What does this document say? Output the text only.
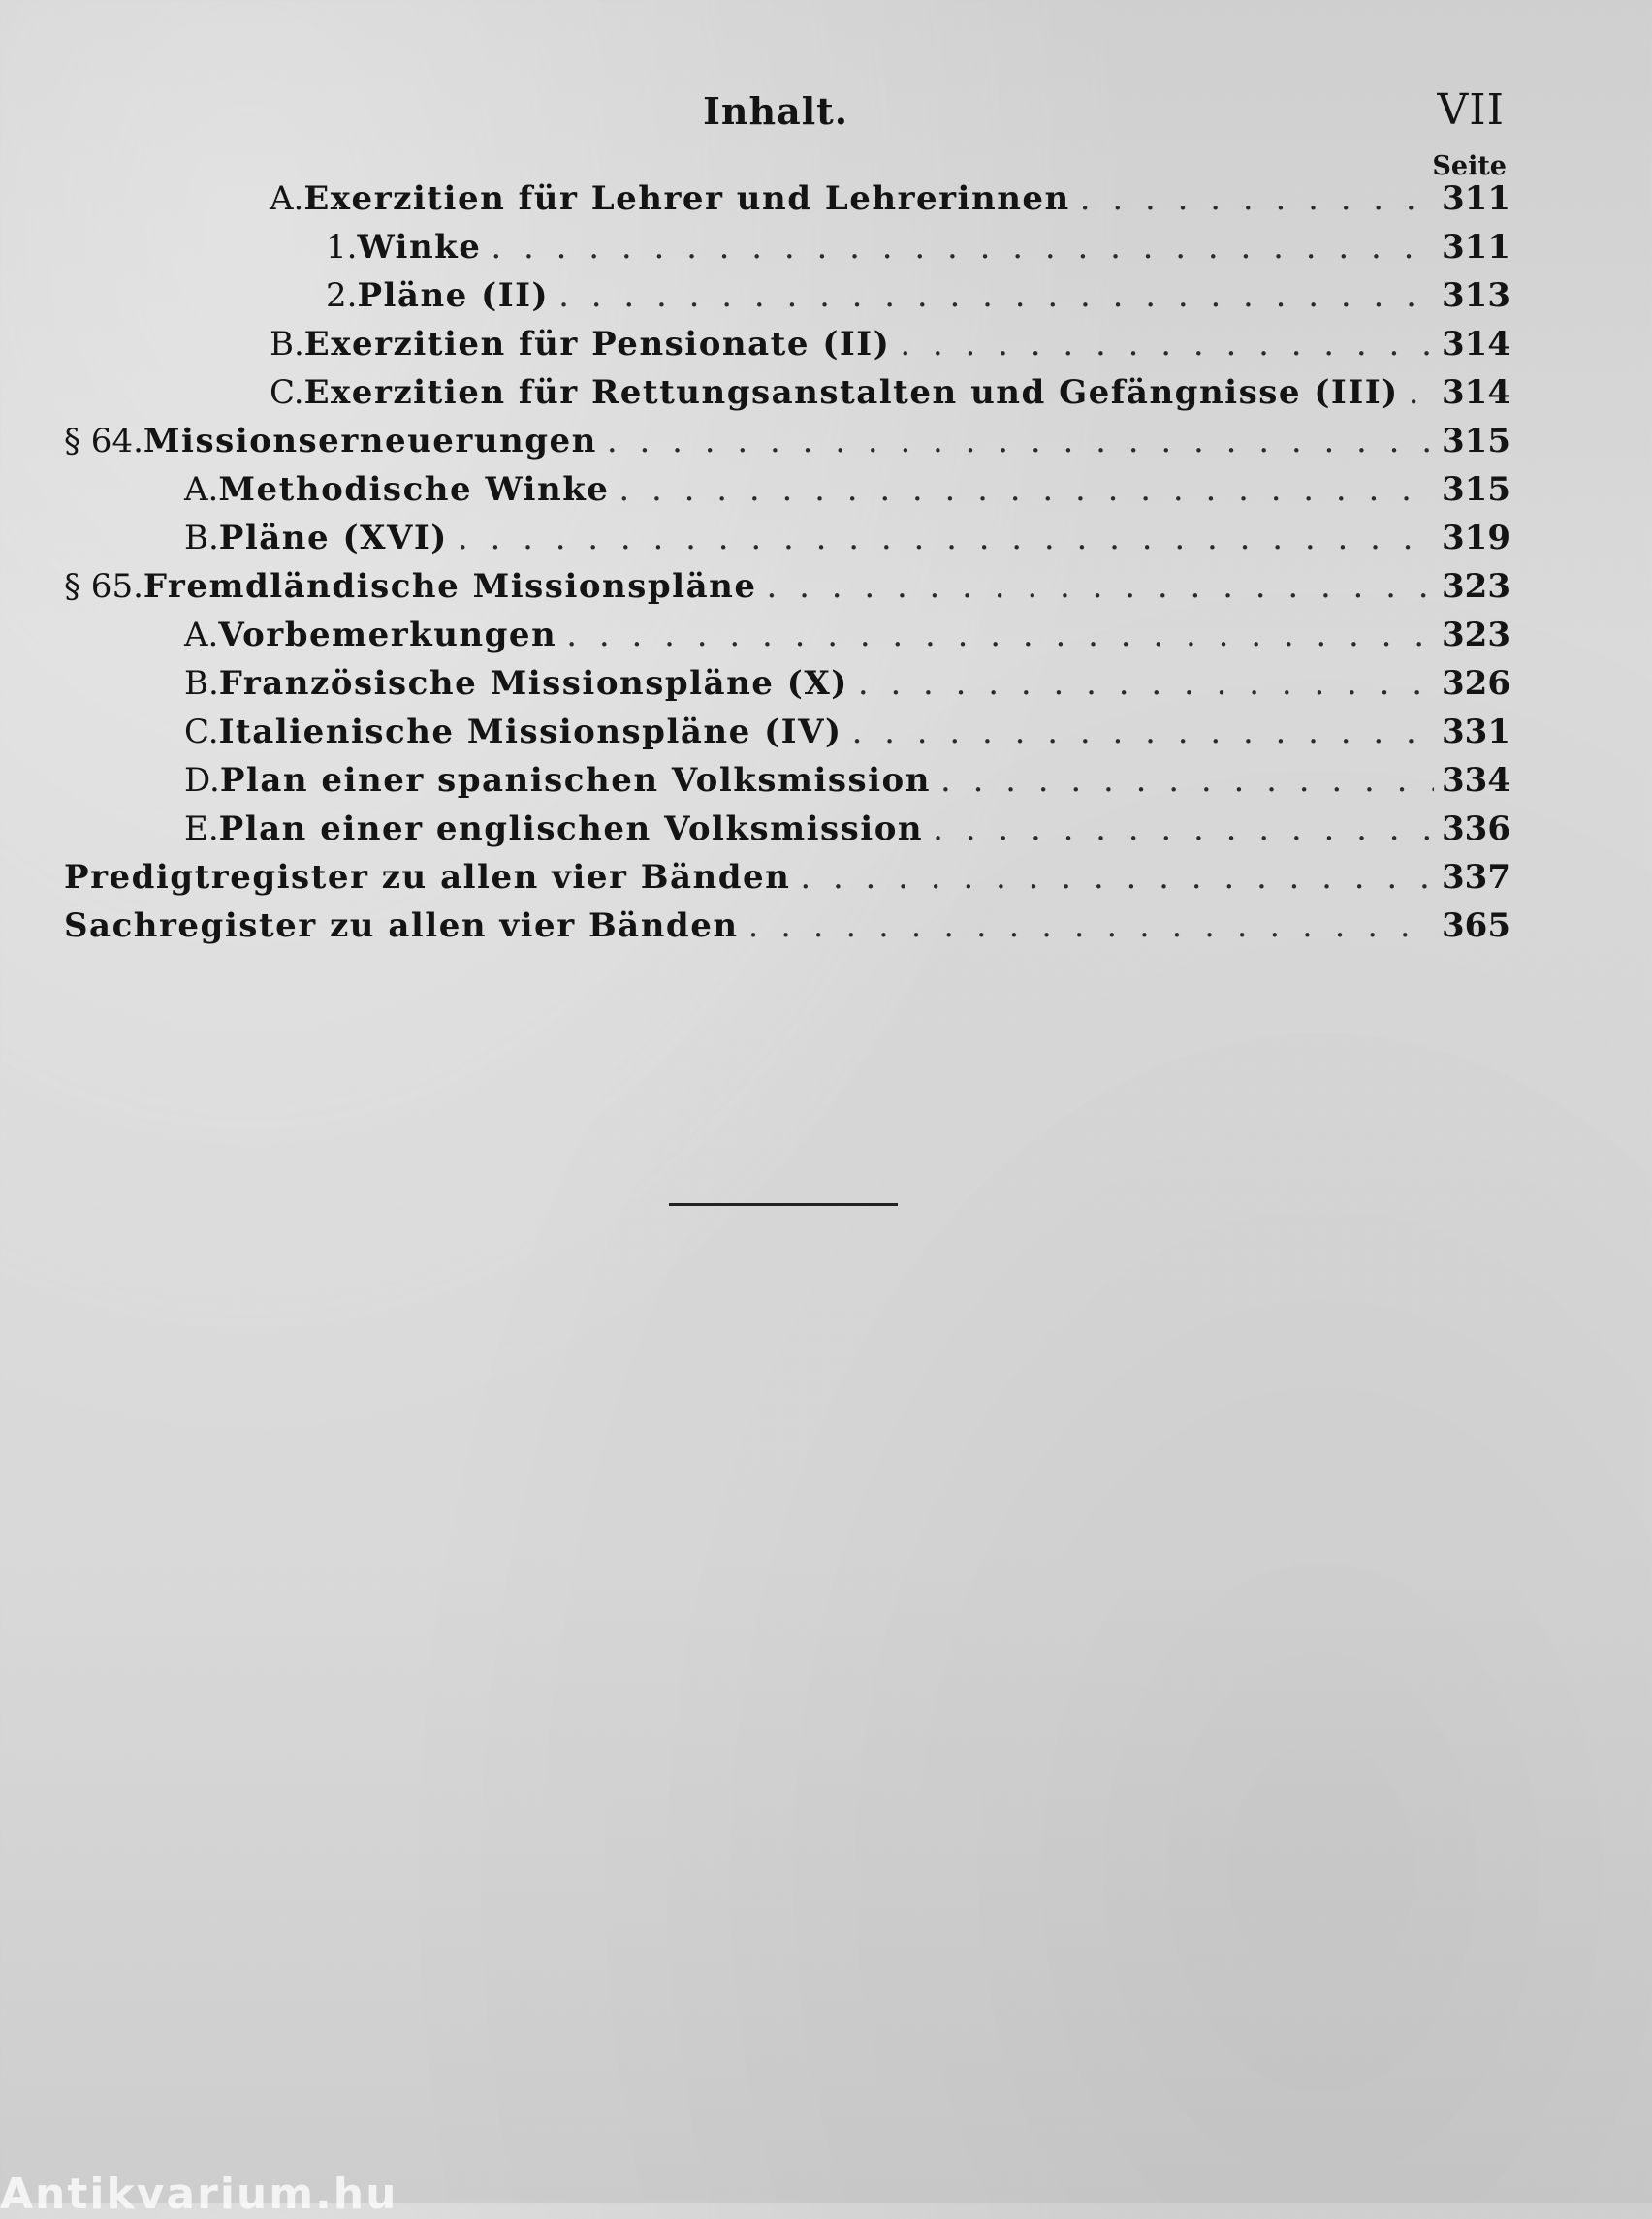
Inhalt.	VII
Seite
A. Exerzitien für Lehrer und Lehrerinnen . . .	311
1. Winke . . .	311
2. Pläne (II) . . .	313
B. Exerzitien für Pensionate (II) . . .	314
C. Exerzitien für Rettungsanstalten und Gefängnisse (III) . . . 314
§ 64. Missionserneuerungen . . .	315
A. Methodische Winke . . .	315
B. Pläne (XVI) . . .	319
§ 65. Fremdländische Missionspläne . . .	323
A. Vorbemerkungen . . .	323
B. Französische Missionspläne (X) . . .	326
C. Italienische Missionspläne (IV) . . .	331
D. Plan einer spanischen Volksmission . . .	334
E. Plan einer englischen Volksmission . . .	336
Predigtregister zu allen vier Bänden . . .	337
Sachregister zu allen vier Bänden . . .	365
Antikvarium.hu
